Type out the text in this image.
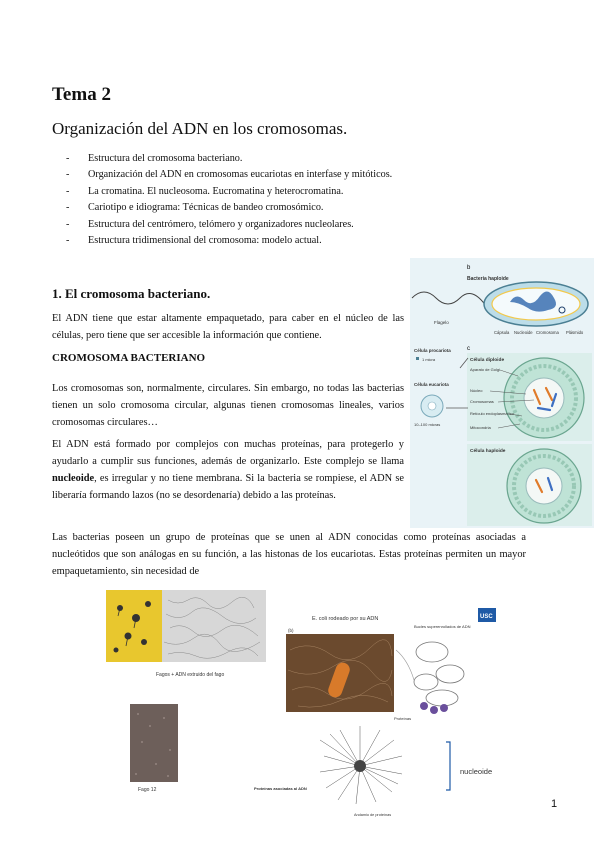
Tema 2
Organización del ADN en los cromosomas.
- Estructura del cromosoma bacteriano.
- Organización del ADN en cromosomas eucariotas en interfase y mitóticos.
- La cromatina. El nucleosoma. Eucromatina y heterocromatina.
- Cariotipo e idiograma: Técnicas de bandeo cromosómico.
- Estructura del centrómero, telómero y organizadores nucleolares.
- Estructura tridimensional del cromosoma: modelo actual.
1. El cromosoma bacteriano.

El ADN tiene que estar altamente empaquetado, para caber en el núcleo de las células, pero tiene que ser accesible la información que contiene.

CROMOSOMA BACTERIANO

Los cromosomas son, normalmente, circulares. Sin embargo, no todas las bacterias tienen un solo cromosoma circular, algunas tienen cromosomas lineales, varios cromosomas circulares…

El ADN está formado por complejos con muchas proteínas, para protegerlo y ayudarlo a cumplir sus funciones, además de organizarlo. Este complejo se llama nucleoide, es irregular y no tiene membrana. Si la bacteria se rompiese, el ADN se liberaría formando lazos (no se desordenaría) debido a las proteínas.

Las bacterias poseen un grupo de proteínas que se unen al ADN conocidas como proteínas asociadas a nucleótidos que son análogas en su función, a las histonas de los eucariotas. Estas proteínas permiten un mayor empaquetamiento, sin necesidad de

b
Bacteria haploide
Flagelo
Cápsula Nucleoide Cromosoma Plásmido
Célula procariota
1 micra
Célula eucariota
10–100 micras
c
Célula diploide
Aparato de Golgi
Núcleo
Cromosomas
Retículo endoplasmático
Mitocondria
Célula haploide
Fagos + ADN extruido del fago
Fago 12
E. coli rodeado por su ADN
(b)
USC
Bucles superenrollados de ADN
Proteínas
Proteínas asociadas al ADN
Andamio de proteínas
nucleoide
1
